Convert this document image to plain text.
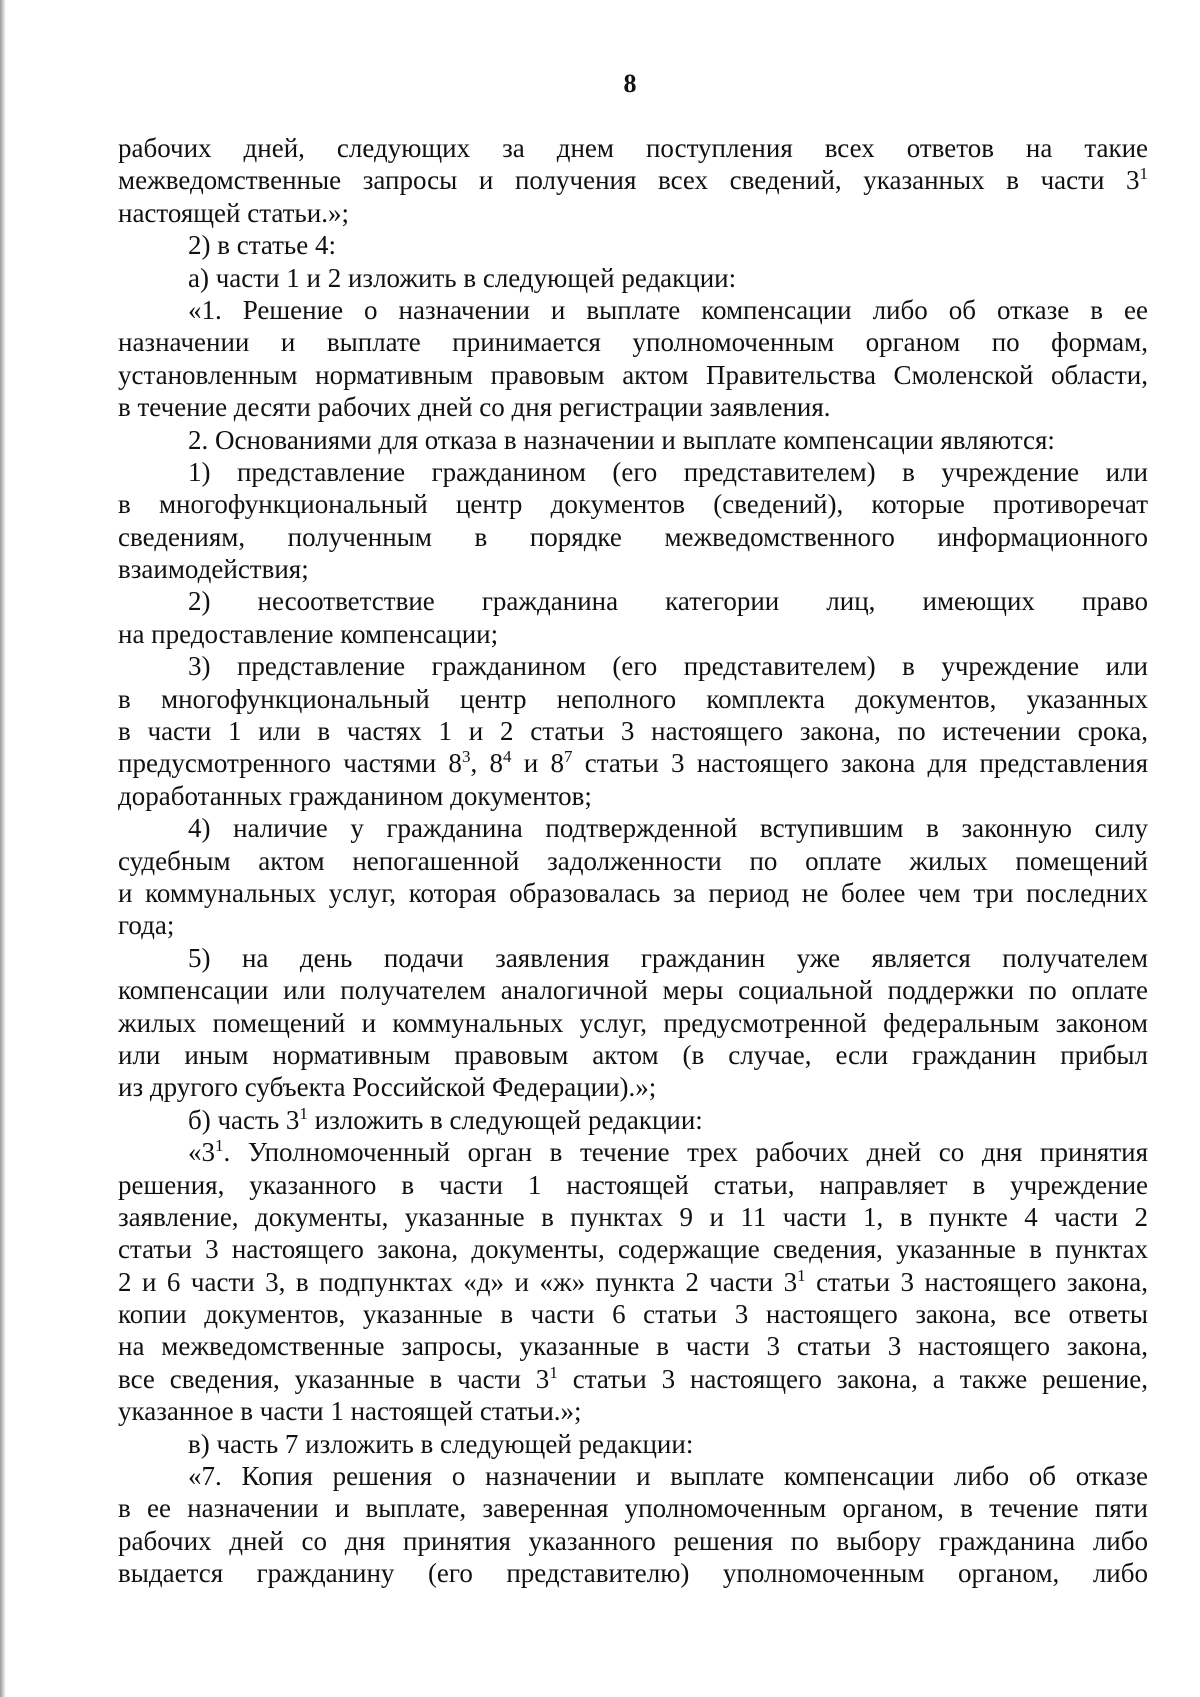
8
рабочих дней, следующих за днем поступления всех ответов на такие
межведомственные запросы и получения всех сведений, указанных в части $3^1$
настоящей статьи.»;
2) в статье 4:
а) части 1 и 2 изложить в следующей редакции:
«1. Решение о назначении и выплате компенсации либо об отказе в ее
назначении и выплате принимается уполномоченным органом по формам,
установленным нормативным правовым актом Правительства Смоленской области,
в течение десяти рабочих дней со дня регистрации заявления.
2. Основаниями для отказа в назначении и выплате компенсации являются:
1) представление гражданином (его представителем) в учреждение или
в многофункциональный центр документов (сведений), которые противоречат
сведениям, полученным в порядке межведомственного информационного
взаимодействия;
2) несоответствие гражданина категории лиц, имеющих право
на предоставление компенсации;
3) представление гражданином (его представителем) в учреждение или
в многофункциональный центр неполного комплекта документов, указанных
в части 1 или в частях 1 и 2 статьи 3 настоящего закона, по истечении срока,
предусмотренного частями $8^3$, $8^4$ и $8^7$ статьи 3 настоящего закона для представления
доработанных гражданином документов;
4) наличие у гражданина подтвержденной вступившим в законную силу
судебным актом непогашенной задолженности по оплате жилых помещений
и коммунальных услуг, которая образовалась за период не более чем три последних
года;
5) на день подачи заявления гражданин уже является получателем
компенсации или получателем аналогичной меры социальной поддержки по оплате
жилых помещений и коммунальных услуг, предусмотренной федеральным законом
или иным нормативным правовым актом (в случае, если гражданин прибыл
из другого субъекта Российской Федерации).»;
б) часть $3^1$ изложить в следующей редакции:
«$3^1$. Уполномоченный орган в течение трех рабочих дней со дня принятия
решения, указанного в части 1 настоящей статьи, направляет в учреждение
заявление, документы, указанные в пунктах 9 и 11 части 1, в пункте 4 части 2
статьи 3 настоящего закона, документы, содержащие сведения, указанные в пунктах
2 и 6 части 3, в подпунктах «д» и «ж» пункта 2 части $3^1$ статьи 3 настоящего закона,
копии документов, указанные в части 6 статьи 3 настоящего закона, все ответы
на межведомственные запросы, указанные в части 3 статьи 3 настоящего закона,
все сведения, указанные в части $3^1$ статьи 3 настоящего закона, а также решение,
указанное в части 1 настоящей статьи.»;
в) часть 7 изложить в следующей редакции:
«7. Копия решения о назначении и выплате компенсации либо об отказе
в ее назначении и выплате, заверенная уполномоченным органом, в течение пяти
рабочих дней со дня принятия указанного решения по выбору гражданина либо
выдается гражданину (его представителю) уполномоченным органом, либо
